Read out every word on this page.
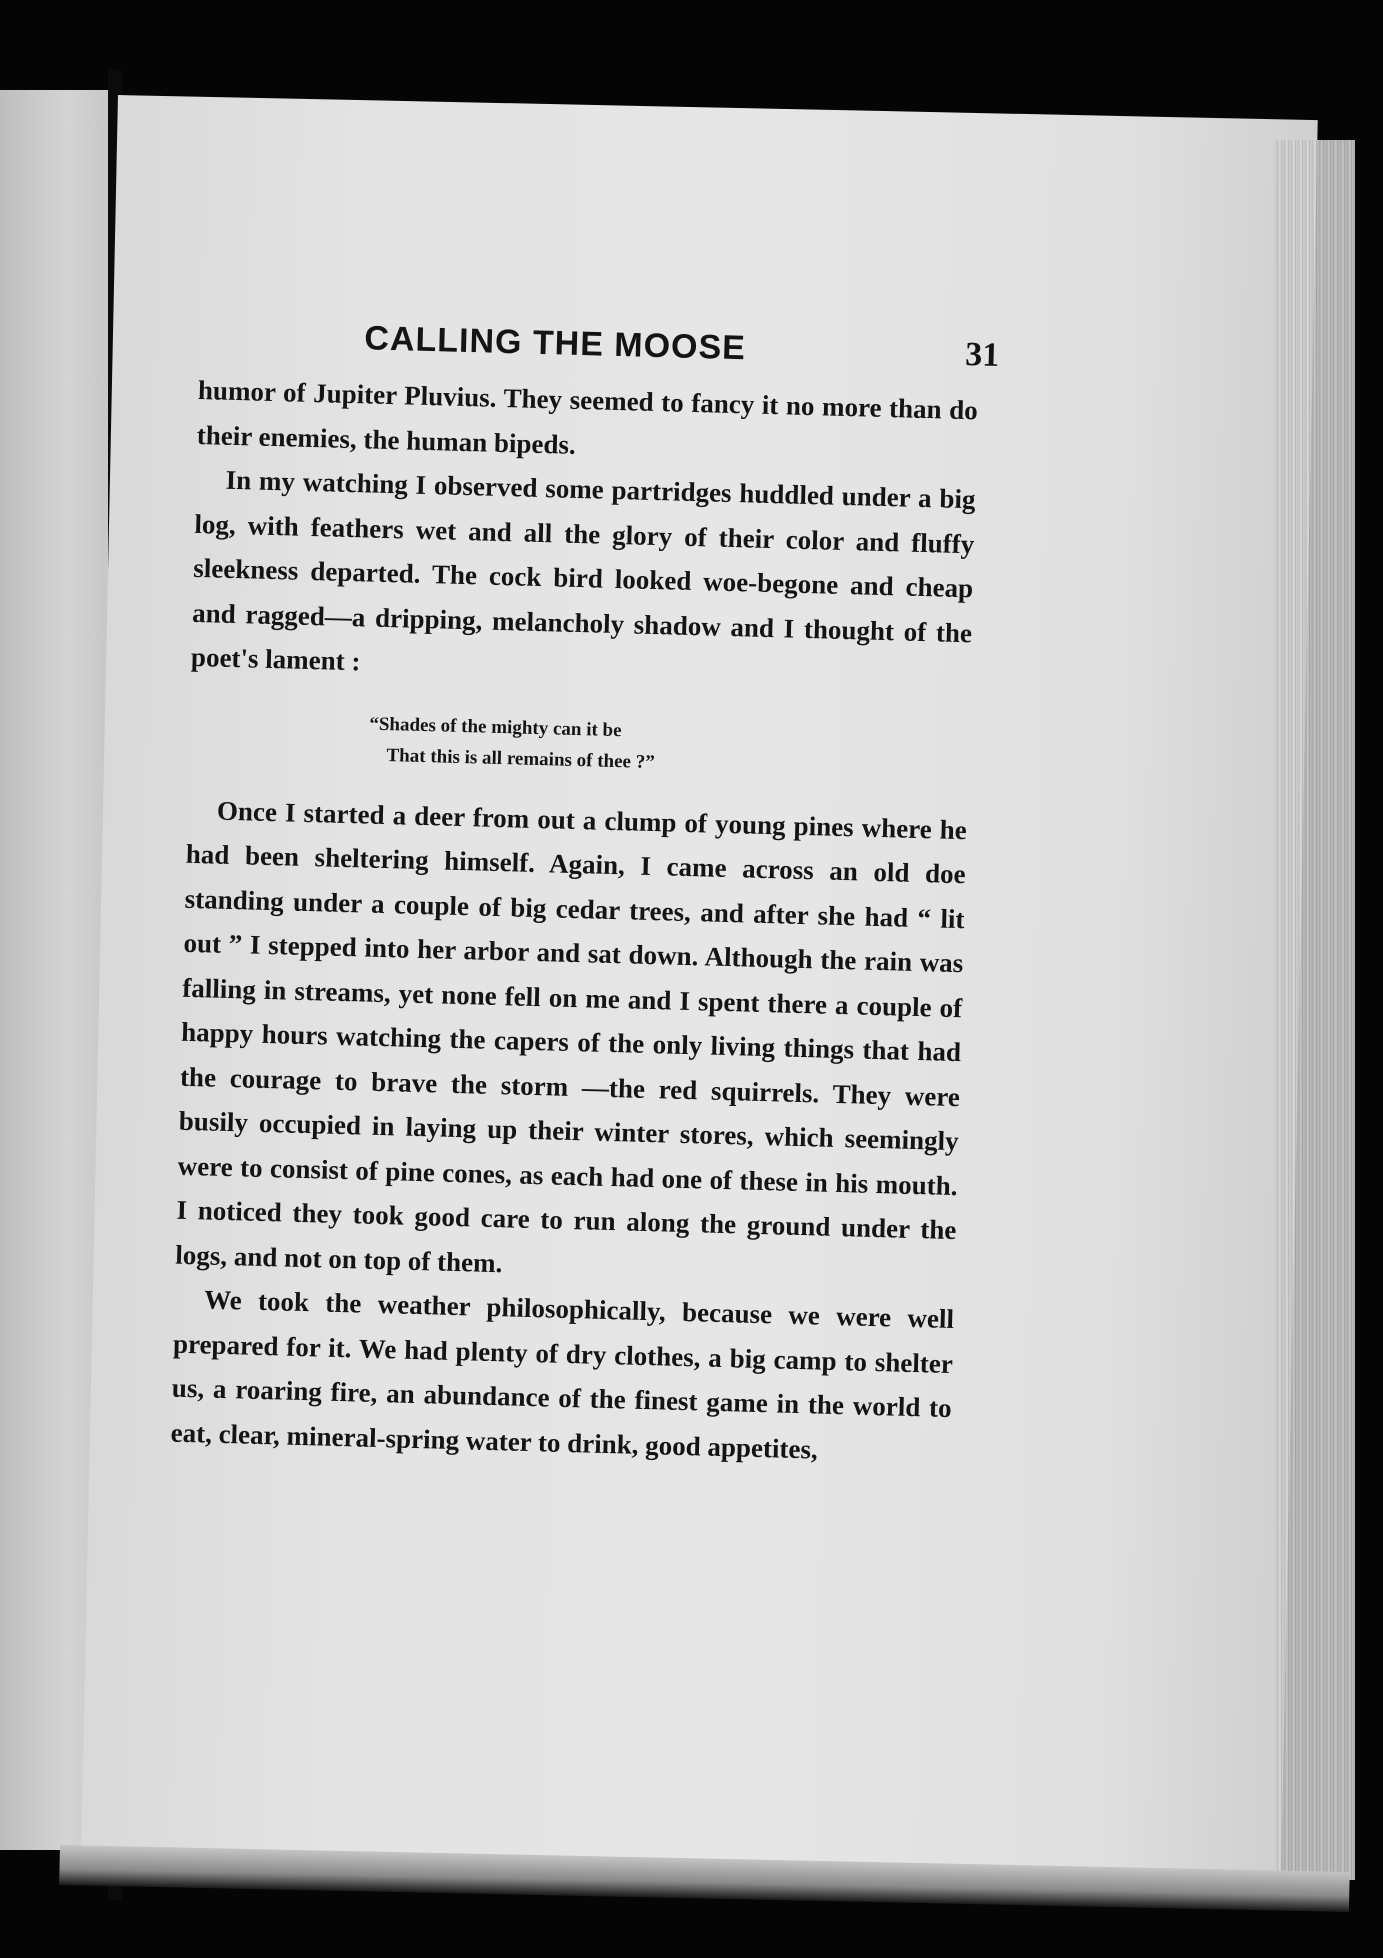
CALLING THE MOOSE	31

humor of Jupiter Pluvius. They seemed to fancy it no more than do their enemies, the human bipeds.

In my watching I observed some partridges huddled under a big log, with feathers wet and all the glory of their color and fluffy sleekness departed. The cock bird looked woe-begone and cheap and ragged—a dripping, melancholy shadow and I thought of the poet's lament :

“Shades of the mighty can it be
That this is all remains of thee ?”

Once I started a deer from out a clump of young pines where he had been sheltering himself. Again, I came across an old doe standing under a couple of big cedar trees, and after she had “ lit out ” I stepped into her arbor and sat down. Although the rain was falling in streams, yet none fell on me and I spent there a couple of happy hours watching the capers of the only living things that had the courage to brave the storm —the red squirrels. They were busily occupied in laying up their winter stores, which seemingly were to consist of pine cones, as each had one of these in his mouth. I noticed they took good care to run along the ground under the logs, and not on top of them.

We took the weather philosophically, because we were well prepared for it. We had plenty of dry clothes, a big camp to shelter us, a roaring fire, an abundance of the finest game in the world to eat, clear, mineral-spring water to drink, good appetites,
